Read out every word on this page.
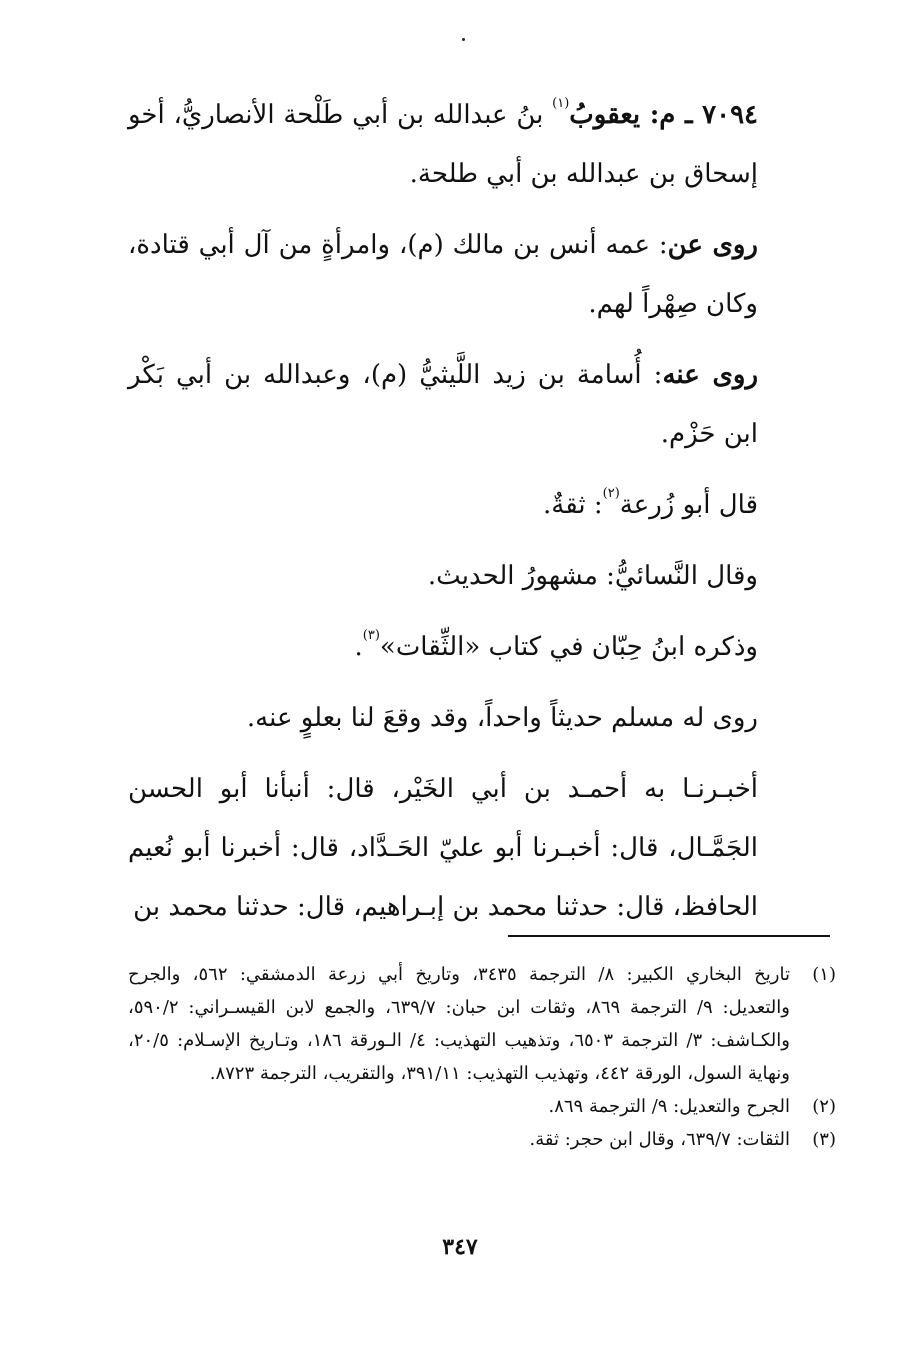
٧٠٩٤ ـ م: يعقوبُ$^{(١)}$ بنُ عبدالله بن أبي طَلْحة الأنصاريُّ، أخو إسحاق بن عبدالله بن أبي طلحة.

روى عن: عمه أنس بن مالك (م)، وامرأةٍ من آل أبي قتادة، وكان صِهْراً لهم.

روى عنه: أُسامة بن زيد اللَّيثيُّ (م)، وعبدالله بن أبي بَكْر ابن حَزْم.

قال أبو زُرعة$^{(٢)}$: ثقةٌ.

وقال النَّسائيُّ: مشهورُ الحديث.

وذكره ابنُ حِبّان في كتاب «الثِّقات»$^{(٣)}$.

روى له مسلم حديثاً واحداً، وقد وقعَ لنا بعلوٍ عنه.

أخبـرنـا به أحمـد بن أبي الخَيْر، قال: أنبأنا أبو الحسن الجَمَّـال، قال: أخبـرنا أبو عليّ الحَـدَّاد، قال: أخبرنا أبو نُعيم الحافظ، قال: حدثنا محمد بن إبـراهيم، قال: حدثنا محمد بن

(١)
تاريخ البخاري الكبير: ٨/ الترجمة ٣٤٣٥، وتاريخ أبي زرعة الدمشقي: ٥٦٢، والجرح والتعديل: ٩/ الترجمة ٨٦٩، وثقات ابن حبان: ٦٣٩/٧، والجمع لابن القيسـراني: ٥٩٠/٢، والكـاشف: ٣/ الترجمة ٦٥٠٣، وتذهيب التهذيب: ٤/ الـورقة ١٨٦، وتـاريخ الإسـلام: ٢٠/٥، ونهاية السول، الورقة ٤٤٢، وتهذيب التهذيب: ٣٩١/١١، والتقريب، الترجمة ٨٧٢٣.
(٢)
الجرح والتعديل: ٩/ الترجمة ٨٦٩.
(٣)
الثقات: ٦٣٩/٧، وقال ابن حجر: ثقة.
٣٤٧
